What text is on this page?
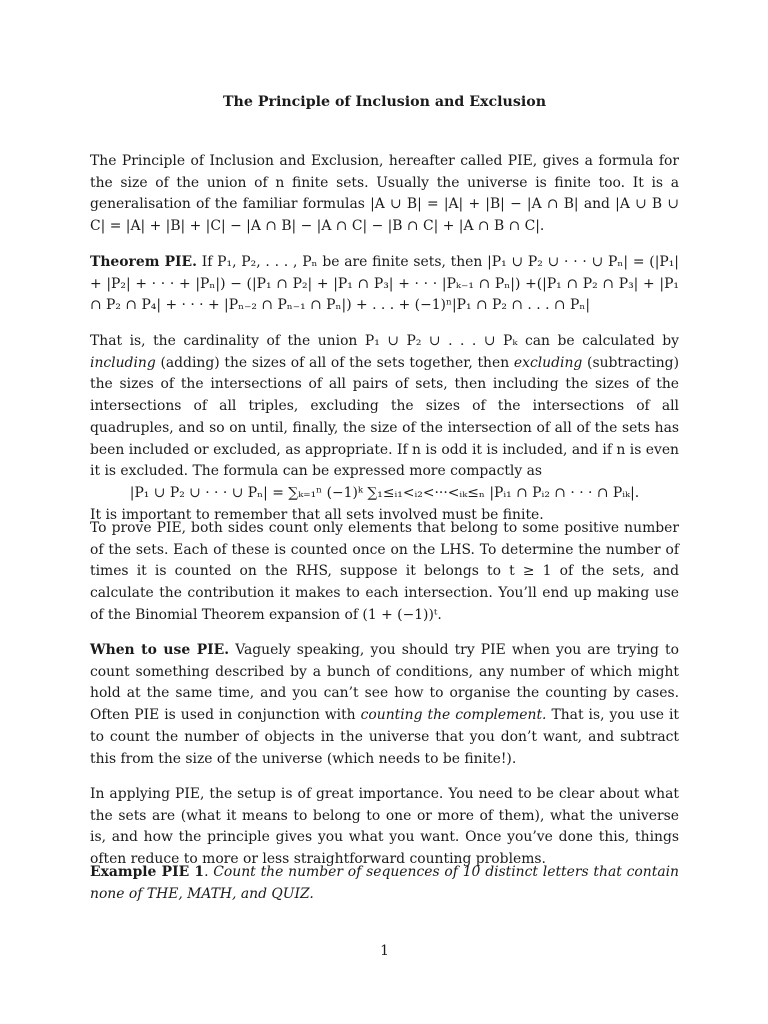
The Principle of Inclusion and Exclusion

The Principle of Inclusion and Exclusion, hereafter called PIE, gives a formula for the size of the union of n finite sets. Usually the universe is finite too. It is a generalisation of the familiar formulas |A ∪ B| = |A| + |B| − |A ∩ B| and |A ∪ B ∪ C| = |A| + |B| + |C| − |A ∩ B| − |A ∩ C| − |B ∩ C| + |A ∩ B ∩ C|.

Theorem PIE. If P₁, P₂, . . . , Pₙ be are finite sets, then |P₁ ∪ P₂ ∪ · · · ∪ Pₙ| = (|P₁| + |P₂| + · · · + |Pₙ|) − (|P₁ ∩ P₂| + |P₁ ∩ P₃| + · · · |Pₖ₋₁ ∩ Pₙ|) +(|P₁ ∩ P₂ ∩ P₃| + |P₁ ∩ P₂ ∩ P₄| + · · · + |Pₙ₋₂ ∩ Pₙ₋₁ ∩ Pₙ|) + . . . + (−1)ⁿ|P₁ ∩ P₂ ∩ . . . ∩ Pₙ|

That is, the cardinality of the union P₁ ∪ P₂ ∪ . . . ∪ Pₖ can be calculated by including (adding) the sizes of all of the sets together, then excluding (subtracting) the sizes of the intersections of all pairs of sets, then including the sizes of the intersections of all triples, excluding the sizes of the intersections of all quadruples, and so on until, finally, the size of the intersection of all of the sets has been included or excluded, as appropriate. If n is odd it is included, and if n is even it is excluded. The formula can be expressed more compactly as
|P₁ ∪ P₂ ∪ · · · ∪ Pₙ| = ∑ₖ₌₁ⁿ (−1)ᵏ ∑₁≤ᵢ₁<ᵢ₂<···<ᵢₖ≤ₙ |Pᵢ₁ ∩ Pᵢ₂ ∩ · · · ∩ Pᵢₖ|.
It is important to remember that all sets involved must be finite.

To prove PIE, both sides count only elements that belong to some positive number of the sets. Each of these is counted once on the LHS. To determine the number of times it is counted on the RHS, suppose it belongs to t ≥ 1 of the sets, and calculate the contribution it makes to each intersection. You’ll end up making use of the Binomial Theorem expansion of (1 + (−1))ᵗ.

When to use PIE. Vaguely speaking, you should try PIE when you are trying to count something described by a bunch of conditions, any number of which might hold at the same time, and you can’t see how to organise the counting by cases. Often PIE is used in conjunction with counting the complement. That is, you use it to count the number of objects in the universe that you don’t want, and subtract this from the size of the universe (which needs to be finite!).

In applying PIE, the setup is of great importance. You need to be clear about what the sets are (what it means to belong to one or more of them), what the universe is, and how the principle gives you what you want. Once you’ve done this, things often reduce to more or less straightforward counting problems.

Example PIE 1. Count the number of sequences of 10 distinct letters that contain none of THE, MATH, and QUIZ.

1
